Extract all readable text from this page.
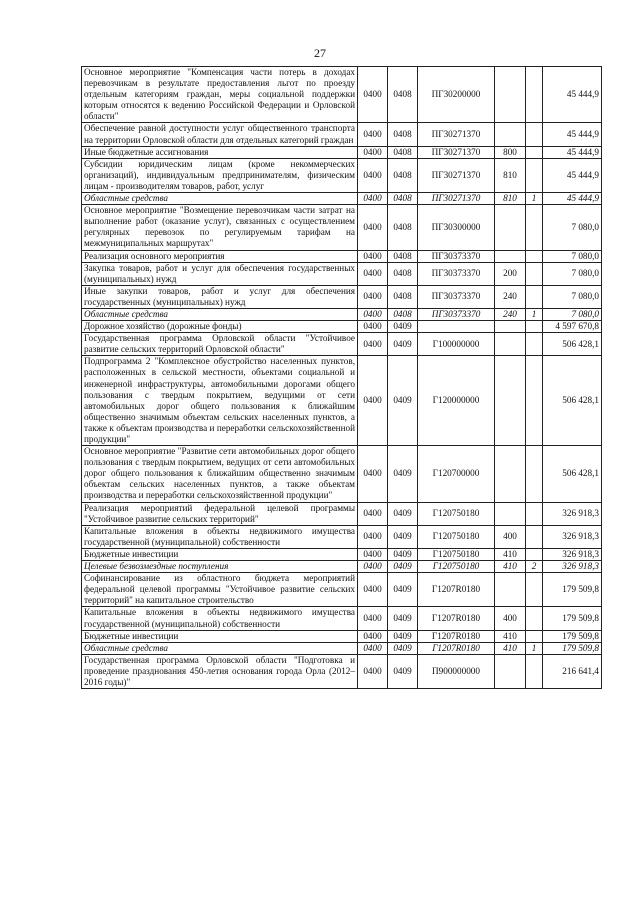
27
Основное мероприятие "Компенсация части потерь в доходах перевозчикам в результате предоставления льгот по проезду отдельным категориям граждан, меры социальной поддержки которым относятся к ведению Российской Федерации и Орловской области"	0400	0408	ПГ30200000			45 444,9
Обеспечение равной доступности услуг общественного транспорта на территории Орловской области для отдельных категорий граждан	0400	0408	ПГ30271370			45 444,9
Иные бюджетные ассигнования	0400	0408	ПГ30271370	800		45 444,9
Субсидии юридическим лицам (кроме некоммерческих организаций), индивидуальным предпринимателям, физическим лицам - производителям товаров, работ, услуг	0400	0408	ПГ30271370	810		45 444,9
Областные средства	0400	0408	ПГ30271370	810	1	45 444,9
Основное мероприятие "Возмещение перевозчикам части затрат на выполнение работ (оказание услуг), связанных с осуществлением регулярных перевозок по регулируемым тарифам на межмуниципальных маршрутах"	0400	0408	ПГ30300000			7 080,0
Реализация основного мероприятия	0400	0408	ПГ30373370			7 080,0
Закупка товаров, работ и услуг для обеспечения государственных (муниципальных) нужд	0400	0408	ПГ30373370	200		7 080,0
Иные закупки товаров, работ и услуг для обеспечения государственных (муниципальных) нужд	0400	0408	ПГ30373370	240		7 080,0
Областные средства	0400	0408	ПГ30373370	240	1	7 080,0
Дорожное хозяйство (дорожные фонды)	0400	0409				4 597 670,8
Государственная программа Орловской области "Устойчивое развитие сельских территорий Орловской области"	0400	0409	Г100000000			506 428,1
Подпрограмма 2 "Комплексное обустройство населенных пунктов, расположенных в сельской местности, объектами социальной и инженерной инфраструктуры, автомобильными дорогами общего пользования с твердым покрытием, ведущими от сети автомобильных дорог общего пользования к ближайшим общественно значимым объектам сельских населенных пунктов, а также к объектам производства и переработки сельскохозяйственной продукции"	0400	0409	Г120000000			506 428,1
Основное мероприятие "Развитие сети автомобильных дорог общего пользования с твердым покрытием, ведущих от сети автомобильных дорог общего пользования к ближайшим общественно значимым объектам сельских населенных пунктов, а также объектам производства и переработки сельскохозяйственной продукции"	0400	0409	Г120700000			506 428,1
Реализация мероприятий федеральной целевой программы "Устойчивое развитие сельских территорий"	0400	0409	Г120750180			326 918,3
Капитальные вложения в объекты недвижимого имущества государственной (муниципальной) собственности	0400	0409	Г120750180	400		326 918,3
Бюджетные инвестиции	0400	0409	Г120750180	410		326 918,3
Целевые безвозмездные поступления	0400	0409	Г120750180	410	2	326 918,3
Софинансирование из областного бюджета мероприятий федеральной целевой программы "Устойчивое развитие сельских территорий" на капитальное строительство	0400	0409	Г1207R0180			179 509,8
Капитальные вложения в объекты недвижимого имущества государственной (муниципальной) собственности	0400	0409	Г1207R0180	400		179 509,8
Бюджетные инвестиции	0400	0409	Г1207R0180	410		179 509,8
Областные средства	0400	0409	Г1207R0180	410	1	179 509,8
Государственная программа Орловской области "Подготовка и проведение празднования 450-летия основания города Орла (2012–2016 годы)"	0400	0409	П900000000			216 641,4
